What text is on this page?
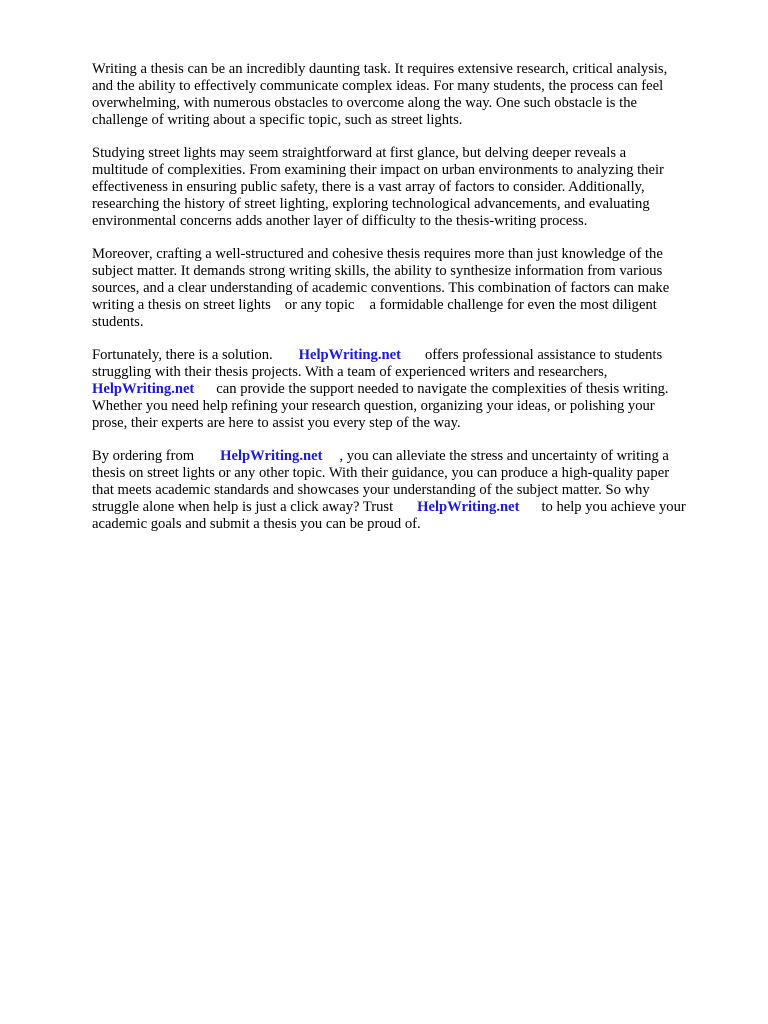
Writing a thesis can be an incredibly daunting task. It requires extensive research, critical analysis,
and the ability to effectively communicate complex ideas. For many students, the process can feel
overwhelming, with numerous obstacles to overcome along the way. One such obstacle is the
challenge of writing about a specific topic, such as street lights.
Studying street lights may seem straightforward at first glance, but delving deeper reveals a
multitude of complexities. From examining their impact on urban environments to analyzing their
effectiveness in ensuring public safety, there is a vast array of factors to consider. Additionally,
researching the history of street lighting, exploring technological advancements, and evaluating
environmental concerns adds another layer of difficulty to the thesis-writing process.
Moreover, crafting a well-structured and cohesive thesis requires more than just knowledge of the
subject matter. It demands strong writing skills, the ability to synthesize information from various
sources, and a clear understanding of academic conventions. This combination of factors can make
writing a thesis on street lights or any topic a formidable challenge for even the most diligent
students.
Fortunately, there is a solution. HelpWriting.net offers professional assistance to students
struggling with their thesis projects. With a team of experienced writers and researchers,
HelpWriting.net can provide the support needed to navigate the complexities of thesis writing.
Whether you need help refining your research question, organizing your ideas, or polishing your
prose, their experts are here to assist you every step of the way.
By ordering from HelpWriting.net , you can alleviate the stress and uncertainty of writing a
thesis on street lights or any other topic. With their guidance, you can produce a high-quality paper
that meets academic standards and showcases your understanding of the subject matter. So why
struggle alone when help is just a click away? Trust HelpWriting.net to help you achieve your
academic goals and submit a thesis you can be proud of.
